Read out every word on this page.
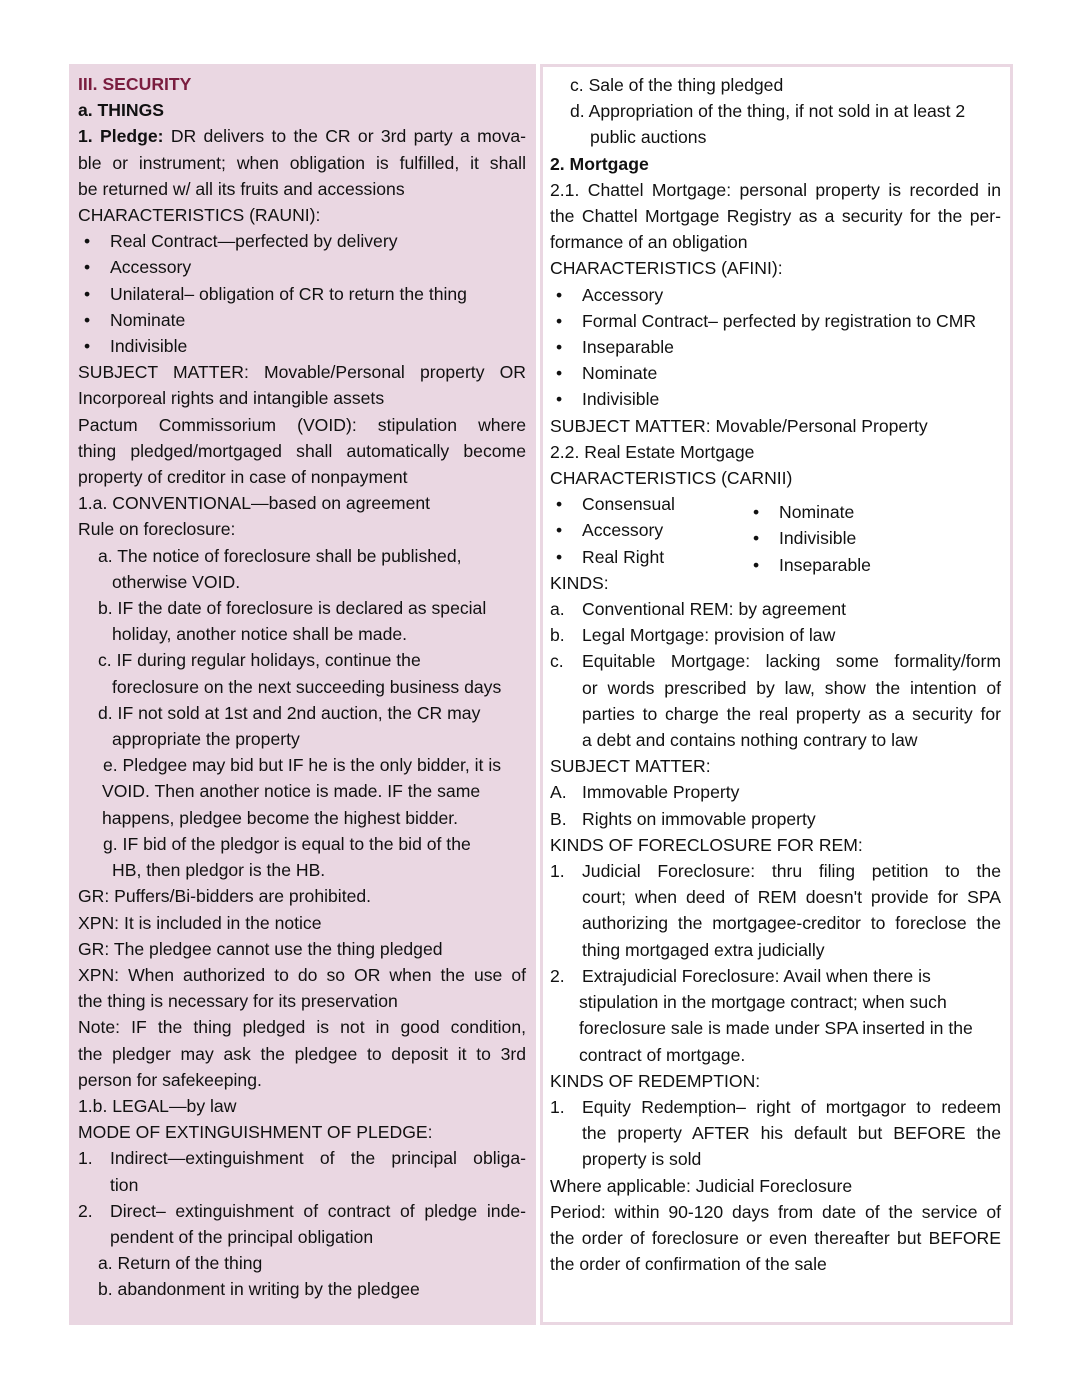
III. SECURITY
a. THINGS
1. Pledge: DR delivers to the CR or 3rd party a mova-
ble or instrument; when obligation is fulfilled, it shall
be returned w/ all its fruits and accessions
CHARACTERISTICS (RAUNI):
• Real Contract—perfected by delivery
• Accessory
• Unilateral– obligation of CR to return the thing
• Nominate
• Indivisible
SUBJECT MATTER: Movable/Personal property OR
Incorporeal rights and intangible assets
Pactum Commissorium (VOID): stipulation where
thing pledged/mortgaged shall automatically become
property of creditor in case of nonpayment
1.a. CONVENTIONAL—based on agreement
Rule on foreclosure:
a. The notice of foreclosure shall be published,
otherwise VOID.
b. IF the date of foreclosure is declared as special
holiday, another notice shall be made.
c. IF during regular holidays, continue the
foreclosure on the next succeeding business days
d. IF not sold at 1st and 2nd auction, the CR may
appropriate the property
e. Pledgee may bid but IF he is the only bidder, it is
VOID. Then another notice is made. IF the same
happens, pledgee become the highest bidder.
g. IF bid of the pledgor is equal to the bid of the
HB, then pledgor is the HB.
GR: Puffers/Bi-bidders are prohibited.
XPN: It is included in the notice
GR: The pledgee cannot use the thing pledged
XPN: When authorized to do so OR when the use of
the thing is necessary for its preservation
Note: IF the thing pledged is not in good condition,
the pledger may ask the pledgee to deposit it to 3rd
person for safekeeping.
1.b. LEGAL—by law
MODE OF EXTINGUISHMENT OF PLEDGE:
1. Indirect—extinguishment of the principal obliga-
tion
2. Direct– extinguishment of contract of pledge inde-
pendent of the principal obligation
a. Return of the thing
b. abandonment in writing by the pledgee
c. Sale of the thing pledged
d. Appropriation of the thing, if not sold in at least 2
public auctions
2. Mortgage
2.1. Chattel Mortgage: personal property is recorded in
the Chattel Mortgage Registry as a security for the per-
formance of an obligation
CHARACTERISTICS (AFINI):
• Accessory
• Formal Contract– perfected by registration to CMR
• Inseparable
• Nominate
• Indivisible
SUBJECT MATTER: Movable/Personal Property
2.2. Real Estate Mortgage
CHARACTERISTICS (CARNII)
• Consensual
• Accessory
• Real Right
• Nominate
• Indivisible
• Inseparable
KINDS:
a. Conventional REM: by agreement
b. Legal Mortgage: provision of law
c. Equitable Mortgage: lacking some formality/form
or words prescribed by law, show the intention of
parties to charge the real property as a security for
a debt and contains nothing contrary to law
SUBJECT MATTER:
A. Immovable Property
B. Rights on immovable property
KINDS OF FORECLOSURE FOR REM:
1. Judicial Foreclosure: thru filing petition to the
court; when deed of REM doesn't provide for SPA
authorizing the mortgagee-creditor to foreclose the
thing mortgaged extra judicially
2. Extrajudicial Foreclosure: Avail when there is
stipulation in the mortgage contract; when such
foreclosure sale is made under SPA inserted in the
contract of mortgage.
KINDS OF REDEMPTION:
1. Equity Redemption– right of mortgagor to redeem
the property AFTER his default but BEFORE the
property is sold
Where applicable: Judicial Foreclosure
Period: within 90-120 days from date of the service of
the order of foreclosure or even thereafter but BEFORE
the order of confirmation of the sale
